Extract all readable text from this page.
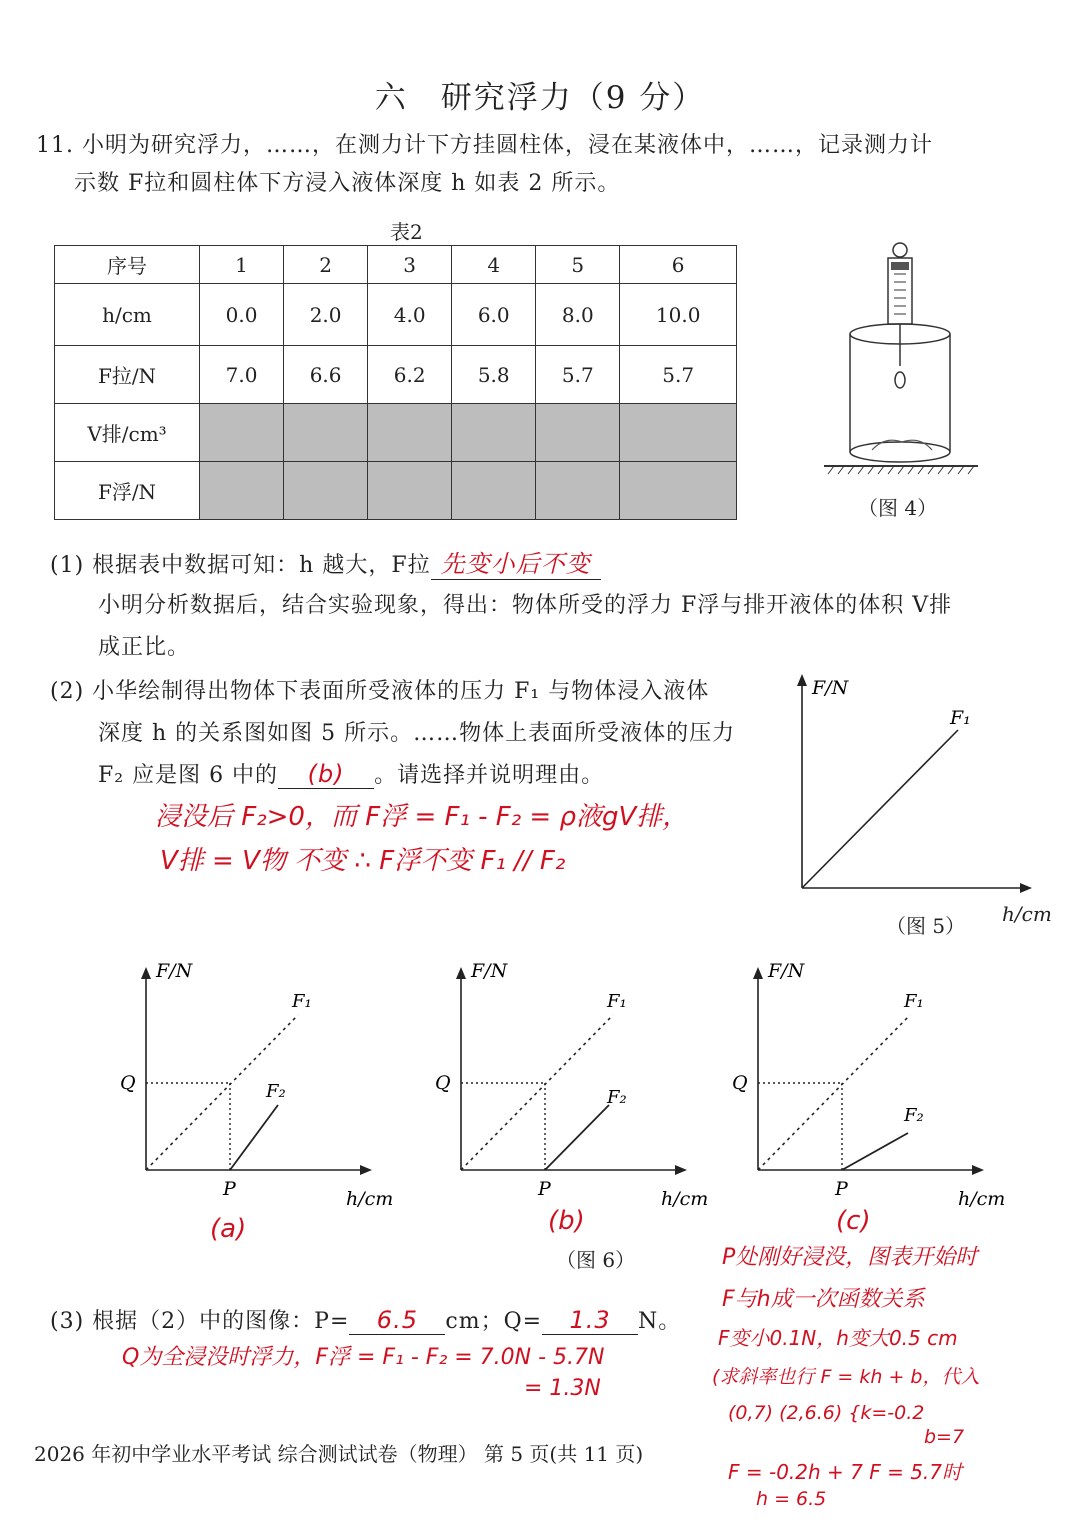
六　研究浮力（9 分）
11. 小明为研究浮力，……，在测力计下方挂圆柱体，浸在某液体中，……，记录测力计
示数 F拉和圆柱体下方浸入液体深度 h 如表 2 所示。
表2
序号	1	2	3	4	5	6
h/cm	0.0	2.0	4.0	6.0	8.0	10.0
F拉/N	7.0	6.6	6.2	5.8	5.7	5.7
V排/cm³						
F浮/N						
（图 4）
(1) 根据表中数据可知：h 越大，F拉 先变小后不变
小明分析数据后，结合实验现象，得出：物体所受的浮力 F浮与排开液体的体积 V排
成正比。
(2) 小华绘制得出物体下表面所受液体的压力 F₁ 与物体浸入液体
深度 h 的关系图如图 5 所示。……物体上表面所受液体的压力
F₂ 应是图 6 中的 (b) 。请选择并说明理由。
浸没后 F₂>0，而 F浮 = F₁ - F₂ = ρ液gV排，
V排 = V物 不变 ∴ F浮不变 F₁ // F₂
F/N
F₁
h/cm
（图 5）
F/N
F₁
F₂
Q
P	h/cm
(a)
F/N
F₁
F₂
Q
P	h/cm
(b)
（图 6）
F/N
F₁
F₂
Q
P	h/cm
(c)
(3) 根据（2）中的图像：P= 6.5 cm；Q= 1.3 N。
Q为全浸没时浮力，F浮 = F₁ - F₂ = 7.0N - 5.7N
= 1.3N
P处刚好浸没，图表开始时
F与h成一次函数关系
F变小0.1N，h变大0.5 cm
(求斜率也行 F = kh + b，代入
(0,7) (2,6.6) {k=-0.2
b=7
F = -0.2h + 7 F = 5.7时
h = 6.5
2026 年初中学业水平考试 综合测试试卷（物理） 第 5 页(共 11 页)
